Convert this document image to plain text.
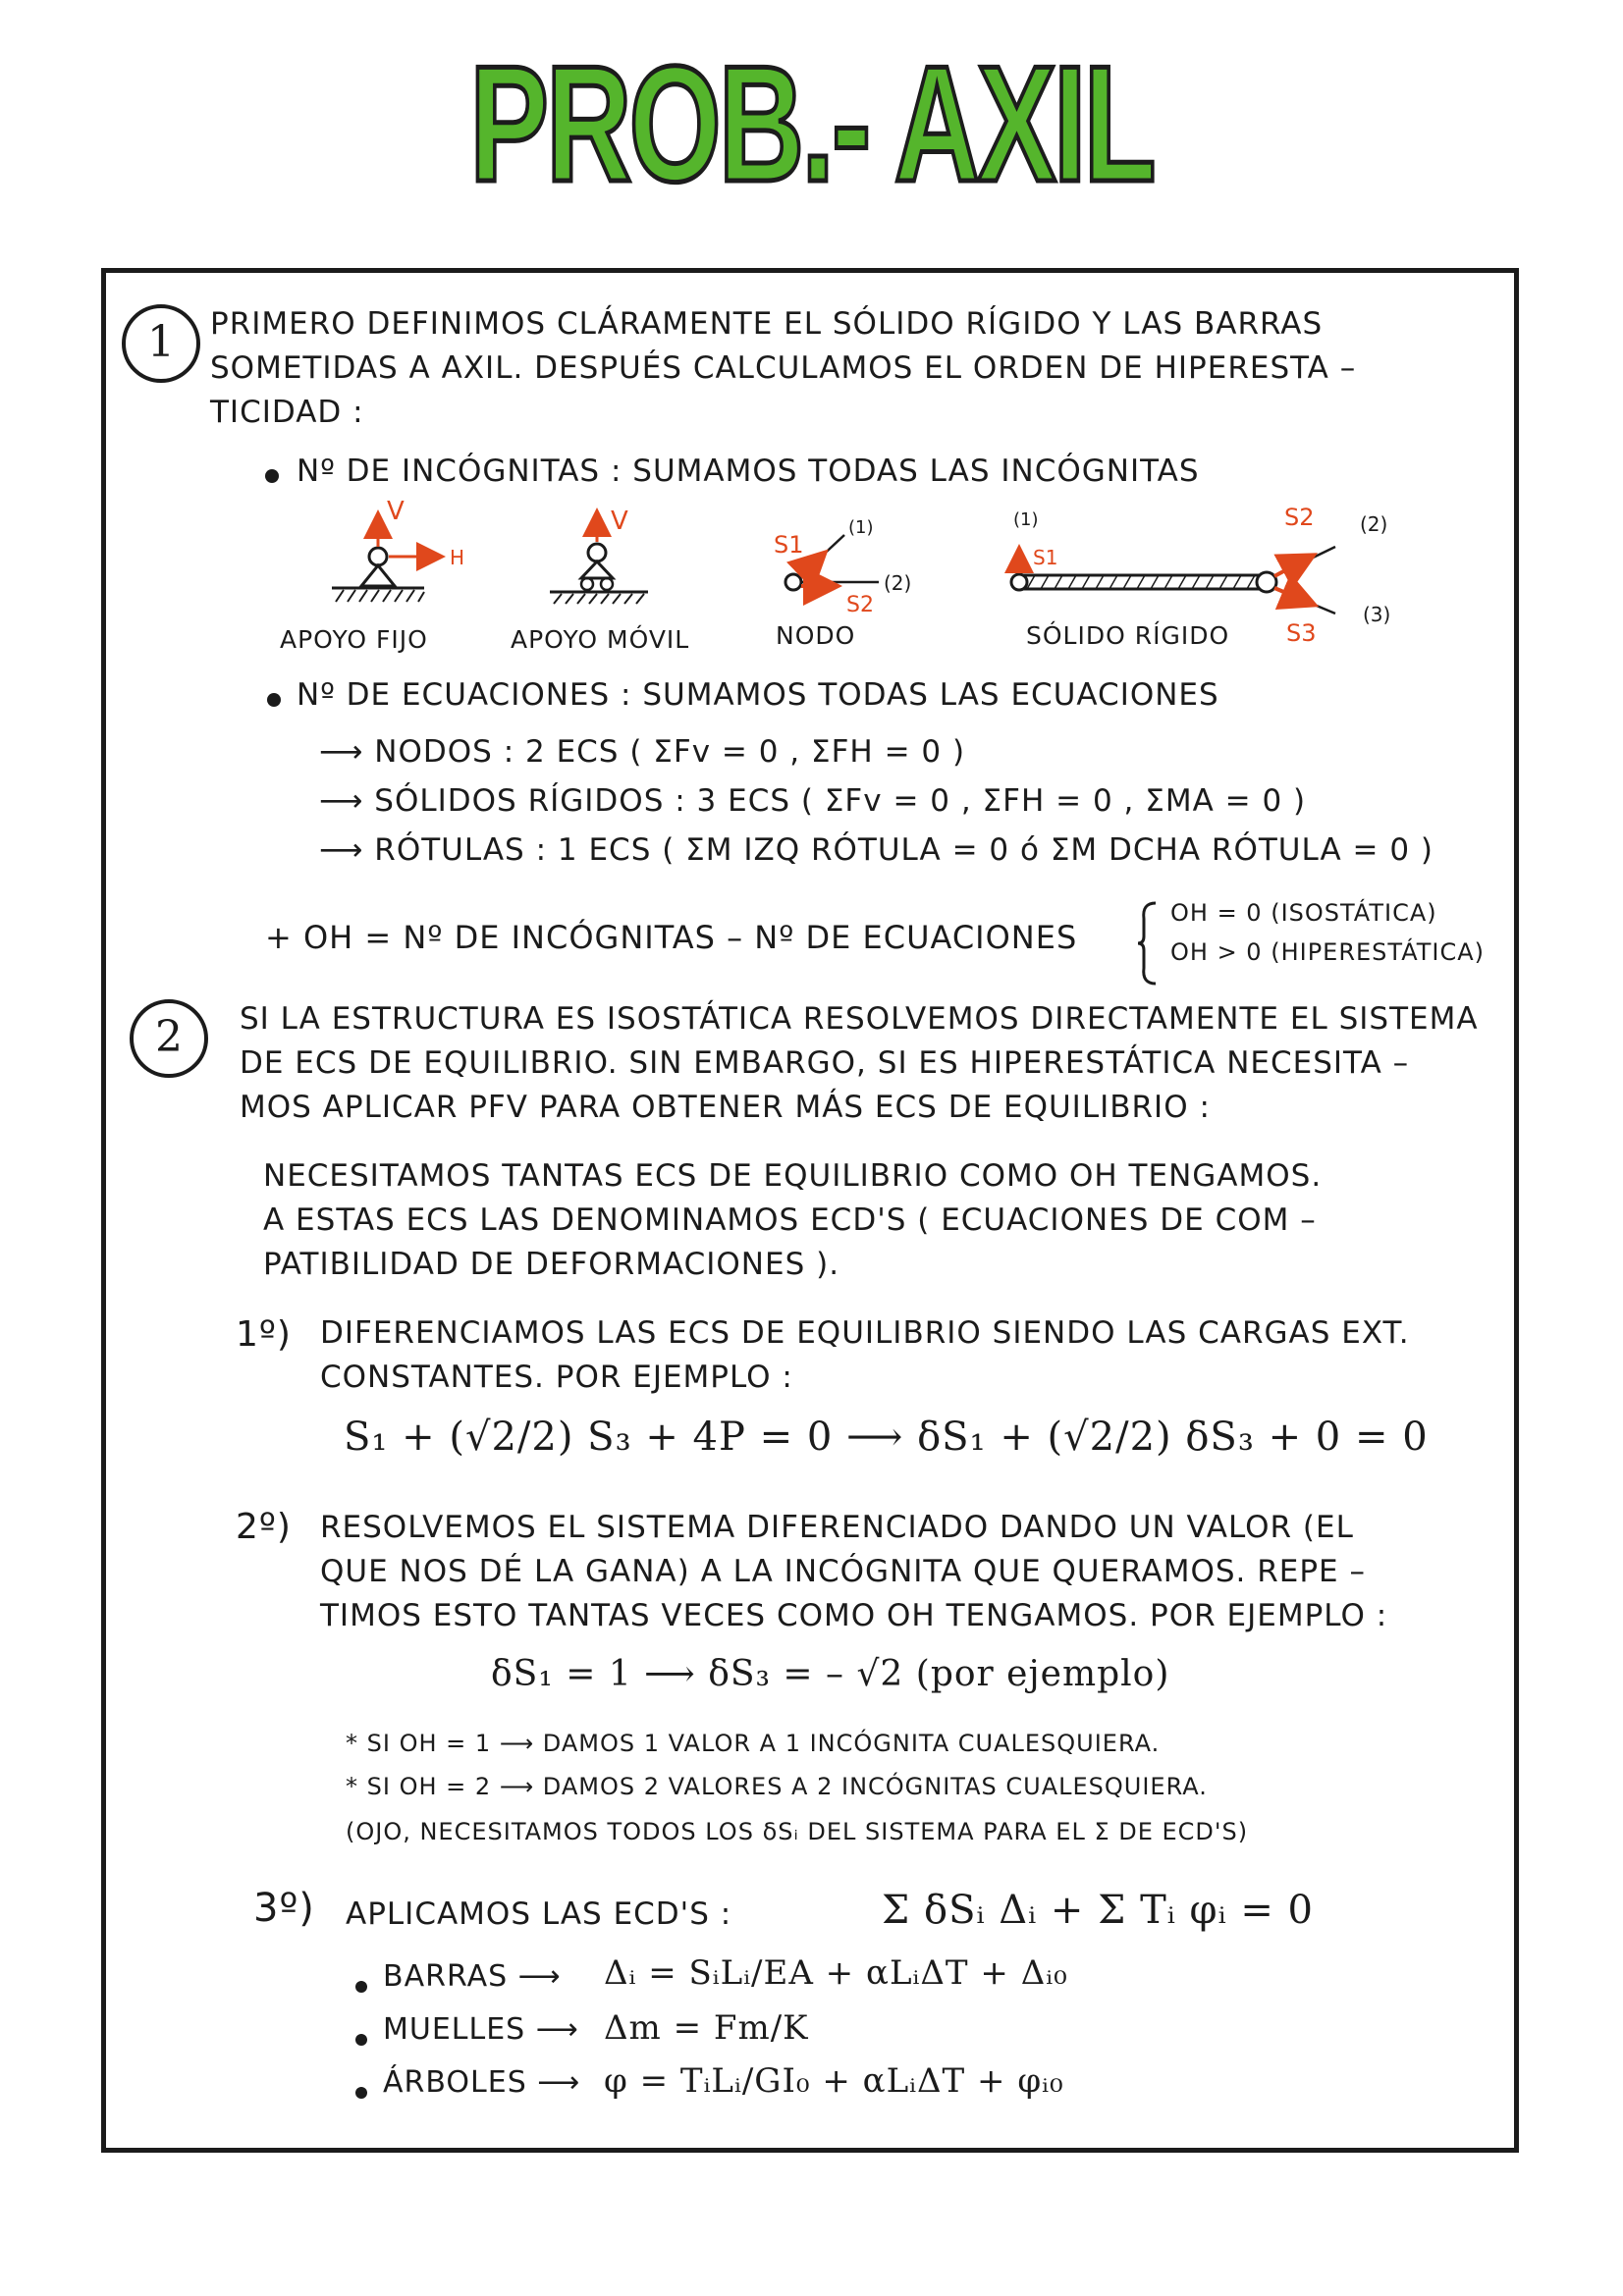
PROB.- AXIL
1	PRIMERO DEFINIMOS CLÁRAMENTE EL SÓLIDO RÍGIDO Y LAS BARRAS
SOMETIDAS A AXIL. DESPUÉS CALCULAMOS EL ORDEN DE HIPERESTA –
TICIDAD :
Nº DE INCÓGNITAS : SUMAMOS TODAS LAS INCÓGNITAS
V
H
V
S1
(1)
(2)
S2
(1)
S1
S2 (2)
(3)
S3
APOYO FIJO	APOYO MÓVIL	NODO	SÓLIDO RÍGIDO
Nº DE ECUACIONES : SUMAMOS TODAS LAS ECUACIONES
⟶ NODOS : 2 ECS ( ΣFv = 0 , ΣFH = 0 )
⟶ SÓLIDOS RÍGIDOS : 3 ECS ( ΣFv = 0 , ΣFH = 0 , ΣMA = 0 )
⟶ RÓTULAS : 1 ECS ( ΣM IZQ RÓTULA = 0 ó ΣM DCHA RÓTULA = 0 )
+ OH = Nº DE INCÓGNITAS – Nº DE ECUACIONES
OH = 0 (ISOSTÁTICA)
OH > 0 (HIPERESTÁTICA)
2	SI LA ESTRUCTURA ES ISOSTÁTICA RESOLVEMOS DIRECTAMENTE EL SISTEMA
DE ECS DE EQUILIBRIO. SIN EMBARGO, SI ES HIPERESTÁTICA NECESITA –
MOS APLICAR PFV PARA OBTENER MÁS ECS DE EQUILIBRIO :
NECESITAMOS TANTAS ECS DE EQUILIBRIO COMO OH TENGAMOS.
A ESTAS ECS LAS DENOMINAMOS ECD'S ( ECUACIONES DE COM –
PATIBILIDAD DE DEFORMACIONES ).
1º) DIFERENCIAMOS LAS ECS DE EQUILIBRIO SIENDO LAS CARGAS EXT.
CONSTANTES. POR EJEMPLO :
S₁ + (√2/2) S₃ + 4P = 0 ⟶ δS₁ + (√2/2) δS₃ + 0 = 0
2º) RESOLVEMOS EL SISTEMA DIFERENCIADO DANDO UN VALOR (EL
QUE NOS DÉ LA GANA) A LA INCÓGNITA QUE QUERAMOS. REPE –
TIMOS ESTO TANTAS VECES COMO OH TENGAMOS. POR EJEMPLO :
δS₁ = 1 ⟶ δS₃ = – √2 (por ejemplo)
* SI OH = 1 ⟶ DAMOS 1 VALOR A 1 INCÓGNITA CUALESQUIERA.
* SI OH = 2 ⟶ DAMOS 2 VALORES A 2 INCÓGNITAS CUALESQUIERA.
(OJO, NECESITAMOS TODOS LOS δSᵢ DEL SISTEMA PARA EL Σ DE ECD'S)
3º) APLICAMOS LAS ECD'S :	Σ δSᵢ Δᵢ + Σ Tᵢ φᵢ = 0
BARRAS ⟶ Δᵢ = SᵢLᵢ/EA + αLᵢΔT + Δᵢ₀
MUELLES ⟶ Δm = Fm/K
ÁRBOLES ⟶ φ = TᵢLᵢ/GI₀ + αLᵢΔT + φᵢ₀
